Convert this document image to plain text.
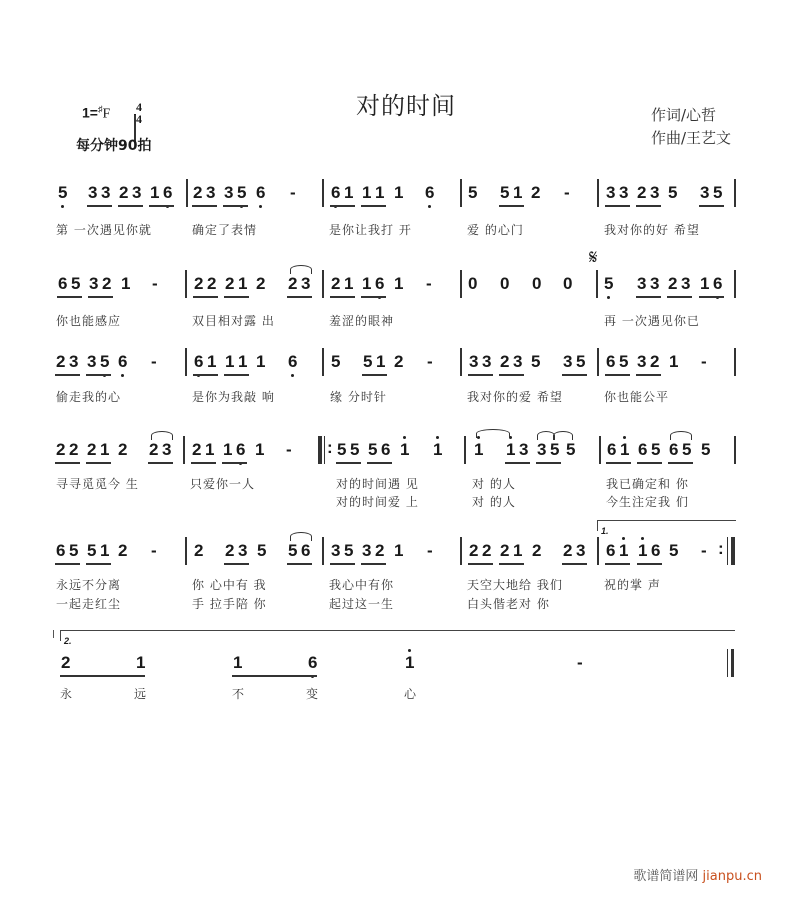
对的时间	作词/心哲
作曲/王艺文
1=♯F 4
4
每分钟90拍
5 3 3 2 3 1 6 2 3 3 5 6 - 6 1 1 1 1 6 5 5 1 2 - 3 3 2 3 5 3 5
第 一次遇见你就	确定了表情	是你让我打 开	爱 的心门	我对你的好 希望
6 5 3 2 1 - 2 2 2 1 2 2 3 2 1 1 6 1 - 0 0 0 0
𝄋
5 3 3 2 3 1 6
你也能感应	双目相对露 出	羞涩的眼神	再 一次遇见你已
2 3 3 5 6 - 6 1 1 1 1 6 5 5 1 2 - 3 3 2 3 5 3 5 6 5 3 2 1 -
偷走我的心	是你为我敲 响	缘 分时针	我对你的爱 希望	你也能公平
2 2 2 1 2 2 3 2 1 1 6 1 - : 5 5 5 6 1 1 1 1 3 3 5 5 6 1 6 5 6 5 5
寻寻觅觅今 生	只爱你一人	对的时间遇 见	对 的人	我已确定和 你
对的时间爱 上	对 的人	今生注定我 们
1.
6 5 5 1 2 - 2 2 3 5 5 6 3 5 3 2 1 - 2 2 2 1 2 2 3 6 1 1 6 5 - :
永远不分离	你 心中有 我	我心中有你	天空大地给 我们	祝的掌 声
一起走红尘	手 拉手陪 你	起过这一生	白头偕老对 你
2.
2	1	1	6	1	-
永	远	不	变	心
歌谱简谱网 jianpu.cn
